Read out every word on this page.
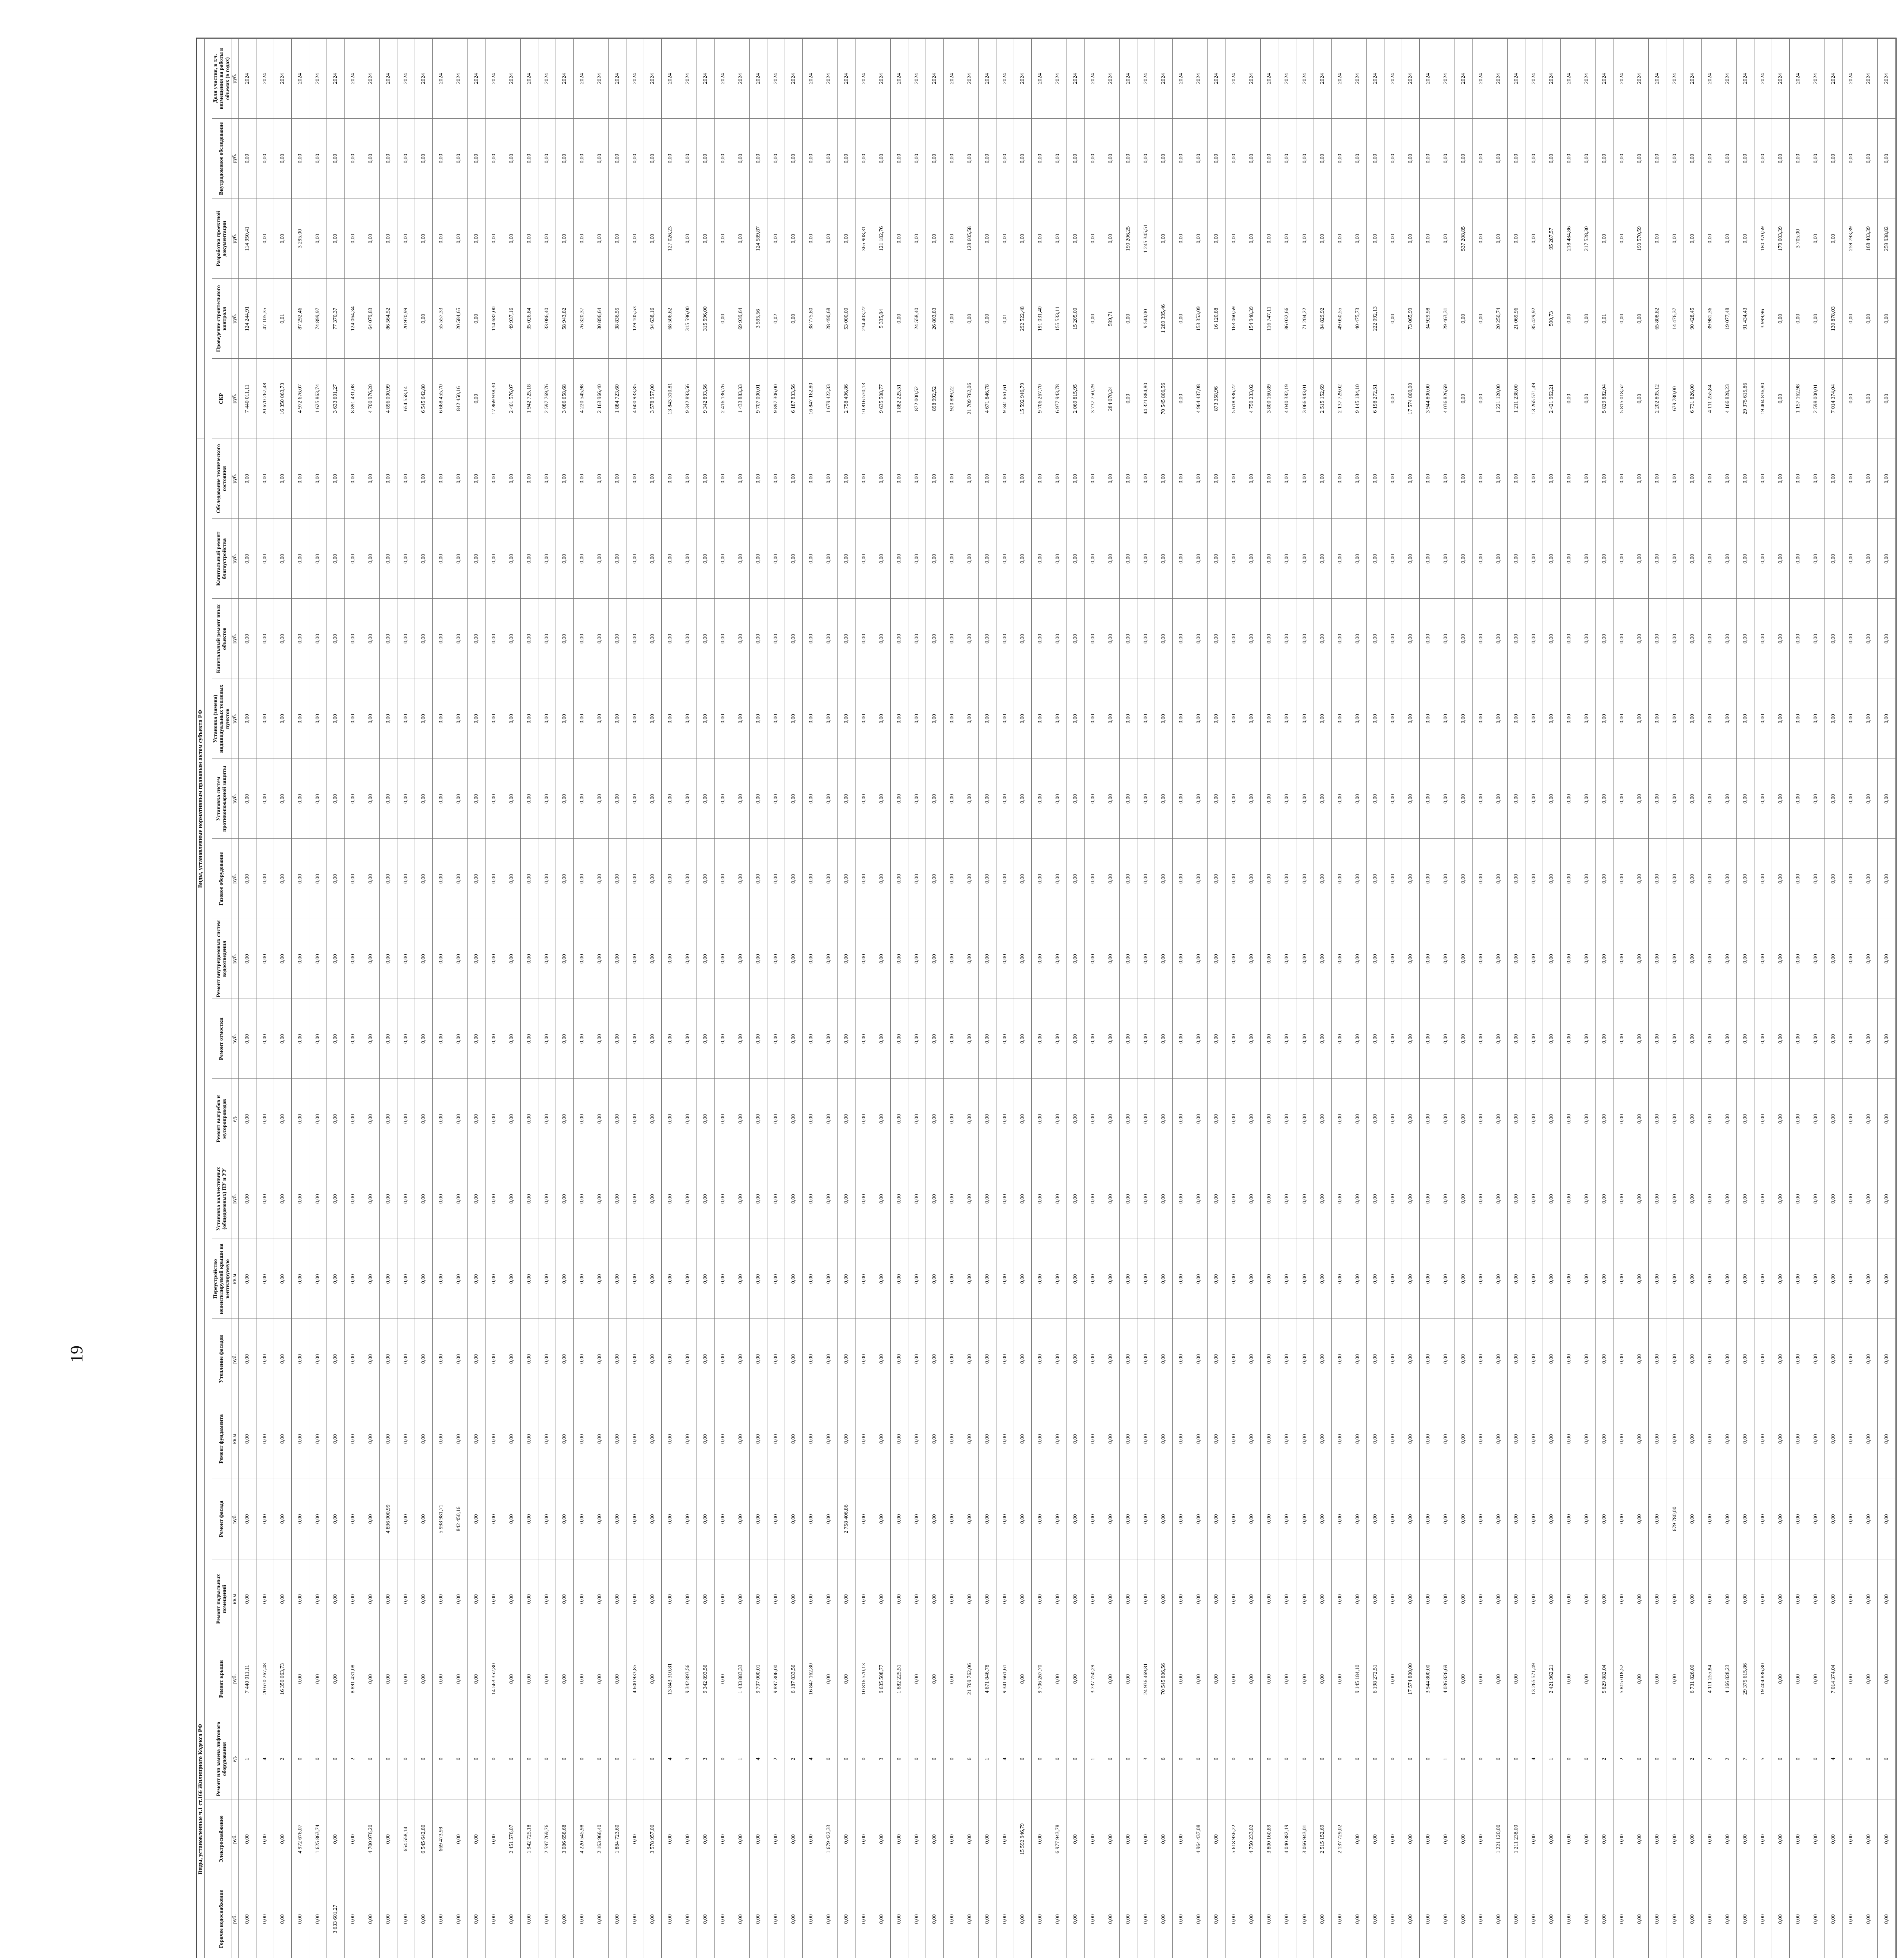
19
		Виды, установленные ч.1 ст.166 Жилищного Кодекса РФ																Виды, установленные нормативным правовым актом субъекта РФ													

								Горячее водоснабжение	Электроснабжение	Ремонт или замена лифтового оборудования	Ремонт крыши	Ремонт подвальных помещений	Ремонт фасада	Ремонт фундамента	Утепление фасадов	Переустройство невентилируемой крыши на вентилируемую	Установка коллективных (общедомовых) ПУ и УУ	Ремонт выгребов и мусоропроводов	Ремонт отмостки	Ремонт внутридомовых систем водоотведения	Газовое оборудование	Установка систем противопожарной защиты	Установка (замена) индивидуальных тепловых пунктов	Капитальный ремонт иных объектов	Капитальный ремонт благоустройства	Обследование технического состояния	СКР	Проведение строительного контроля	Разработка проектной документации	Внутридомовое обследование	Доля участия, в т.ч. возмещения на работы в объемах (в годах)
								руб.	руб.	ед.	руб.	кв.м	руб.	кв.м	руб.	кв.м	руб.	ед.	руб.	руб.	руб.	руб.	руб.	руб.	руб.	руб.	руб.	руб.	руб.	руб.	руб.
								0,00	0,00	1	7 440 011,11	0,00	0,00	0,00	0,00	0,00	0,00	0,00	0,00	0,00	0,00	0,00	0,00	0,00	0,00	0,00	7 440 011,11	124 244,91	114 950,41	0,00	2024
								0,00	0,00	4	20 670 267,48	0,00	0,00	0,00	0,00	0,00	0,00	0,00	0,00	0,00	0,00	0,00	0,00	0,00	0,00	0,00	20 670 267,48	47 105,35	0,00	0,00	2024
								0,00	0,00	2	16 350 063,73	0,00	0,00	0,00	0,00	0,00	0,00	0,00	0,00	0,00	0,00	0,00	0,00	0,00	0,00	0,00	16 350 063,73	0,01	0,00	0,00	2024
								0,00	4 972 676,07	0	0,00	0,00	0,00	0,00	0,00	0,00	0,00	0,00	0,00	0,00	0,00	0,00	0,00	0,00	0,00	0,00	4 972 676,07	87 292,46	3 295,00	0,00	2024
								0,00	1 625 863,74	0	0,00	0,00	0,00	0,00	0,00	0,00	0,00	0,00	0,00	0,00	0,00	0,00	0,00	0,00	0,00	0,00	1 625 863,74	74 899,97	0,00	0,00	2024
								3 633 601,27	0,00	0	0,00	0,00	0,00	0,00	0,00	0,00	0,00	0,00	0,00	0,00	0,00	0,00	0,00	0,00	0,00	0,00	3 633 601,27	77 370,37	0,00	0,00	2024
								0,00	0,00	2	8 891 431,08	0,00	0,00	0,00	0,00	0,00	0,00	0,00	0,00	0,00	0,00	0,00	0,00	0,00	0,00	0,00	8 891 431,08	124 064,34	0,00	0,00	2024
								0,00	4 700 976,20	0	0,00	0,00	0,00	0,00	0,00	0,00	0,00	0,00	0,00	0,00	0,00	0,00	0,00	0,00	0,00	0,00	4 700 976,20	64 079,83	0,00	0,00	2024
								0,00	0,00	0	0,00	0,00	4 896 000,99	0,00	0,00	0,00	0,00	0,00	0,00	0,00	0,00	0,00	0,00	0,00	0,00	0,00	4 896 000,99	86 564,52	0,00	0,00	2024
								0,00	654 558,14	0	0,00	0,00	0,00	0,00	0,00	0,00	0,00	0,00	0,00	0,00	0,00	0,00	0,00	0,00	0,00	0,00	654 558,14	20 970,99	0,00	0,00	2024
								0,00	6 545 642,80	0	0,00	0,00	0,00	0,00	0,00	0,00	0,00	0,00	0,00	0,00	0,00	0,00	0,00	0,00	0,00	0,00	6 545 642,80	0,00	0,00	0,00	2024
								0,00	669 473,99	0	0,00	0,00	5 998 981,71	0,00	0,00	0,00	0,00	0,00	0,00	0,00	0,00	0,00	0,00	0,00	0,00	0,00	6 668 455,70	55 557,33	0,00	0,00	2024
								0,00	0,00	0	0,00	0,00	842 450,16	0,00	0,00	0,00	0,00	0,00	0,00	0,00	0,00	0,00	0,00	0,00	0,00	0,00	842 450,16	20 584,65	0,00	0,00	2024
								0,00	0,00	0	0,00	0,00	0,00	0,00	0,00	0,00	0,00	0,00	0,00	0,00	0,00	0,00	0,00	0,00	0,00	0,00	0,00	0,00	0,00	0,00	2024
								0,00	0,00	0	14 563 352,80	0,00	0,00	0,00	0,00	0,00	0,00	0,00	0,00	0,00	0,00	0,00	0,00	0,00	0,00	0,00	17 869 938,30	114 682,00	0,00	0,00	2024
								0,00	2 451 576,07	0	0,00	0,00	0,00	0,00	0,00	0,00	0,00	0,00	0,00	0,00	0,00	0,00	0,00	0,00	0,00	0,00	2 401 576,07	49 937,16	0,00	0,00	2024
								0,00	1 942 725,18	0	0,00	0,00	0,00	0,00	0,00	0,00	0,00	0,00	0,00	0,00	0,00	0,00	0,00	0,00	0,00	0,00	1 942 725,18	35 026,84	0,00	0,00	2024
								0,00	2 597 769,76	0	0,00	0,00	0,00	0,00	0,00	0,00	0,00	0,00	0,00	0,00	0,00	0,00	0,00	0,00	0,00	0,00	2 597 769,76	33 086,40	0,00	0,00	2024
								0,00	3 086 658,68	0	0,00	0,00	0,00	0,00	0,00	0,00	0,00	0,00	0,00	0,00	0,00	0,00	0,00	0,00	0,00	0,00	3 086 658,68	58 943,82	0,00	0,00	2024
								0,00	4 220 545,98	0	0,00	0,00	0,00	0,00	0,00	0,00	0,00	0,00	0,00	0,00	0,00	0,00	0,00	0,00	0,00	0,00	4 220 545,98	76 320,37	0,00	0,00	2024
								0,00	2 163 966,40	0	0,00	0,00	0,00	0,00	0,00	0,00	0,00	0,00	0,00	0,00	0,00	0,00	0,00	0,00	0,00	0,00	2 163 966,40	30 896,64	0,00	0,00	2024
								0,00	1 884 723,60	0	0,00	0,00	0,00	0,00	0,00	0,00	0,00	0,00	0,00	0,00	0,00	0,00	0,00	0,00	0,00	0,00	1 884 723,60	38 836,55	0,00	0,00	2024
								0,00	0,00	1	4 600 933,85	0,00	0,00	0,00	0,00	0,00	0,00	0,00	0,00	0,00	0,00	0,00	0,00	0,00	0,00	0,00	4 600 933,85	129 105,53	0,00	0,00	2024
								0,00	3 578 957,00	0	0,00	0,00	0,00	0,00	0,00	0,00	0,00	0,00	0,00	0,00	0,00	0,00	0,00	0,00	0,00	0,00	3 578 957,00	94 638,16	0,00	0,00	2024
								0,00	0,00	4	13 843 310,81	0,00	0,00	0,00	0,00	0,00	0,00	0,00	0,00	0,00	0,00	0,00	0,00	0,00	0,00	0,00	13 843 310,81	68 506,62	127 026,23	0,00	2024
								0,00	0,00	3	9 342 893,56	0,00	0,00	0,00	0,00	0,00	0,00	0,00	0,00	0,00	0,00	0,00	0,00	0,00	0,00	0,00	9 342 893,56	315 596,00	0,00	0,00	2024
								0,00	0,00	3	9 342 893,56	0,00	0,00	0,00	0,00	0,00	0,00	0,00	0,00	0,00	0,00	0,00	0,00	0,00	0,00	0,00	9 342 893,56	315 596,00	0,00	0,00	2024
								0,00	0,00	0	0,00	0,00	0,00	0,00	0,00	0,00	0,00	0,00	0,00	0,00	0,00	0,00	0,00	0,00	0,00	0,00	2 416 136,76	0,00	0,00	0,00	2024
								0,00	0,00	1	1 433 883,33	0,00	0,00	0,00	0,00	0,00	0,00	0,00	0,00	0,00	0,00	0,00	0,00	0,00	0,00	0,00	1 433 883,33	69 939,64	0,00	0,00	2024
								0,00	0,00	4	9 707 000,01	0,00	0,00	0,00	0,00	0,00	0,00	0,00	0,00	0,00	0,00	0,00	0,00	0,00	0,00	0,00	9 707 000,01	3 595,56	124 589,87	0,00	2024
								0,00	0,00	2	9 897 306,00	0,00	0,00	0,00	0,00	0,00	0,00	0,00	0,00	0,00	0,00	0,00	0,00	0,00	0,00	0,00	9 897 306,00	0,02	0,00	0,00	2024
								0,00	0,00	2	6 187 833,56	0,00	0,00	0,00	0,00	0,00	0,00	0,00	0,00	0,00	0,00	0,00	0,00	0,00	0,00	0,00	6 187 833,56	0,00	0,00	0,00	2024
								0,00	0,00	4	16 847 162,80	0,00	0,00	0,00	0,00	0,00	0,00	0,00	0,00	0,00	0,00	0,00	0,00	0,00	0,00	0,00	16 847 162,80	38 775,80	0,00	0,00	2024
								0,00	1 679 422,33	0	0,00	0,00	0,00	0,00	0,00	0,00	0,00	0,00	0,00	0,00	0,00	0,00	0,00	0,00	0,00	0,00	1 679 422,33	28 490,68	0,00	0,00	2024
								0,00	0,00	0	0,00	0,00	2 758 406,86	0,00	0,00	0,00	0,00	0,00	0,00	0,00	0,00	0,00	0,00	0,00	0,00	0,00	2 758 406,86	53 000,00	0,00	0,00	2024
								0,00	0,00	0	10 816 570,13	0,00	0,00	0,00	0,00	0,00	0,00	0,00	0,00	0,00	0,00	0,00	0,00	0,00	0,00	0,00	10 816 570,13	234 403,22	365 908,31	0,00	2024
								0,00	0,00	3	9 635 508,77	0,00	0,00	0,00	0,00	0,00	0,00	0,00	0,00	0,00	0,00	0,00	0,00	0,00	0,00	0,00	9 635 508,77	5 335,84	121 182,76	0,00	2024
								0,00	0,00	0	1 882 225,51	0,00	0,00	0,00	0,00	0,00	0,00	0,00	0,00	0,00	0,00	0,00	0,00	0,00	0,00	0,00	1 882 225,51	0,00	0,00	0,00	2024
								0,00	0,00	0	0,00	0,00	0,00	0,00	0,00	0,00	0,00	0,00	0,00	0,00	0,00	0,00	0,00	0,00	0,00	0,00	872 000,52	24 558,40	0,00	0,00	2024
								0,00	0,00	0	0,00	0,00	0,00	0,00	0,00	0,00	0,00	0,00	0,00	0,00	0,00	0,00	0,00	0,00	0,00	0,00	898 992,52	26 803,83	0,00	0,00	2024
								0,00	0,00	0	0,00	0,00	0,00	0,00	0,00	0,00	0,00	0,00	0,00	0,00	0,00	0,00	0,00	0,00	0,00	0,00	920 899,22	0,00	0,00	0,00	2024
								0,00	0,00	6	21 709 762,06	0,00	0,00	0,00	0,00	0,00	0,00	0,00	0,00	0,00	0,00	0,00	0,00	0,00	0,00	0,00	21 709 762,06	0,00	128 605,58	0,00	2024
								0,00	0,00	1	4 671 846,78	0,00	0,00	0,00	0,00	0,00	0,00	0,00	0,00	0,00	0,00	0,00	0,00	0,00	0,00	0,00	4 671 846,78	0,00	0,00	0,00	2024
								0,00	0,00	4	9 341 661,61	0,00	0,00	0,00	0,00	0,00	0,00	0,00	0,00	0,00	0,00	0,00	0,00	0,00	0,00	0,00	9 341 661,61	0,01	0,00	0,00	2024
								0,00	15 592 946,79	0	0,00	0,00	0,00	0,00	0,00	0,00	0,00	0,00	0,00	0,00	0,00	0,00	0,00	0,00	0,00	0,00	15 592 946,79	292 522,48	0,00	0,00	2024
								0,00	0,00	0	9 706 267,70	0,00	0,00	0,00	0,00	0,00	0,00	0,00	0,00	0,00	0,00	0,00	0,00	0,00	0,00	0,00	9 706 267,70	191 031,40	0,00	0,00	2024
								0,00	6 977 943,78	0	0,00	0,00	0,00	0,00	0,00	0,00	0,00	0,00	0,00	0,00	0,00	0,00	0,00	0,00	0,00	0,00	6 977 943,78	155 533,11	0,00	0,00	2024
								0,00	0,00	0	0,00	0,00	0,00	0,00	0,00	0,00	0,00	0,00	0,00	0,00	0,00	0,00	0,00	0,00	0,00	0,00	2 069 815,95	15 205,00	0,00	0,00	2024
								0,00	0,00	1	3 737 750,29	0,00	0,00	0,00	0,00	0,00	0,00	0,00	0,00	0,00	0,00	0,00	0,00	0,00	0,00	0,00	3 737 750,29	0,00	0,00	0,00	2024
								0,00	0,00	0	0,00	0,00	0,00	0,00	0,00	0,00	0,00	0,00	0,00	0,00	0,00	0,00	0,00	0,00	0,00	0,00	284 070,24	599,71	0,00	0,00	2024
								0,00	0,00	0	0,00	0,00	0,00	0,00	0,00	0,00	0,00	0,00	0,00	0,00	0,00	0,00	0,00	0,00	0,00	0,00	0,00	0,00	190 206,25	0,00	2024
								0,00	0,00	3	24 936 469,81	0,00	0,00	0,00	0,00	0,00	0,00	0,00	0,00	0,00	0,00	0,00	0,00	0,00	0,00	0,00	44 321 884,80	9 540,00	1 245 345,51	0,00	2024
								0,00	0,00	6	70 545 806,56	0,00	0,00	0,00	0,00	0,00	0,00	0,00	0,00	0,00	0,00	0,00	0,00	0,00	0,00	0,00	70 545 806,56	1 289 395,46	0,00	0,00	2024
								0,00	0,00	0	0,00	0,00	0,00	0,00	0,00	0,00	0,00	0,00	0,00	0,00	0,00	0,00	0,00	0,00	0,00	0,00	0,00	0,00	0,00	0,00	2024
								0,00	4 964 437,08	0	0,00	0,00	0,00	0,00	0,00	0,00	0,00	0,00	0,00	0,00	0,00	0,00	0,00	0,00	0,00	0,00	4 964 437,08	153 353,09	0,00	0,00	2024
								0,00	0,00	0	0,00	0,00	0,00	0,00	0,00	0,00	0,00	0,00	0,00	0,00	0,00	0,00	0,00	0,00	0,00	0,00	873 358,96	16 120,88	0,00	0,00	2024
								0,00	5 618 936,22	0	0,00	0,00	0,00	0,00	0,00	0,00	0,00	0,00	0,00	0,00	0,00	0,00	0,00	0,00	0,00	0,00	5 618 936,22	163 060,59	0,00	0,00	2024
								0,00	4 750 233,02	0	0,00	0,00	0,00	0,00	0,00	0,00	0,00	0,00	0,00	0,00	0,00	0,00	0,00	0,00	0,00	0,00	4 750 233,02	154 948,39	0,00	0,00	2024
								0,00	3 800 160,89	0	0,00	0,00	0,00	0,00	0,00	0,00	0,00	0,00	0,00	0,00	0,00	0,00	0,00	0,00	0,00	0,00	3 800 160,89	116 747,11	0,00	0,00	2024
								0,00	4 040 382,19	0	0,00	0,00	0,00	0,00	0,00	0,00	0,00	0,00	0,00	0,00	0,00	0,00	0,00	0,00	0,00	0,00	4 040 382,19	86 032,66	0,00	0,00	2024
								0,00	3 066 943,01	0	0,00	0,00	0,00	0,00	0,00	0,00	0,00	0,00	0,00	0,00	0,00	0,00	0,00	0,00	0,00	0,00	3 066 943,01	71 204,22	0,00	0,00	2024
								0,00	2 515 152,69	0	0,00	0,00	0,00	0,00	0,00	0,00	0,00	0,00	0,00	0,00	0,00	0,00	0,00	0,00	0,00	0,00	2 515 152,69	84 829,92	0,00	0,00	2024
								0,00	2 137 729,02	0	0,00	0,00	0,00	0,00	0,00	0,00	0,00	0,00	0,00	0,00	0,00	0,00	0,00	0,00	0,00	0,00	2 137 729,02	49 050,55	0,00	0,00	2024
								0,00	0,00	0	9 145 184,10	0,00	0,00	0,00	0,00	0,00	0,00	0,00	0,00	0,00	0,00	0,00	0,00	0,00	0,00	0,00	9 145 184,10	40 475,73	0,00	0,00	2024
								0,00	0,00	0	6 198 272,51	0,00	0,00	0,00	0,00	0,00	0,00	0,00	0,00	0,00	0,00	0,00	0,00	0,00	0,00	0,00	6 198 272,51	222 092,13	0,00	0,00	2024
								0,00	0,00	0	0,00	0,00	0,00	0,00	0,00	0,00	0,00	0,00	0,00	0,00	0,00	0,00	0,00	0,00	0,00	0,00	0,00	0,00	0,00	0,00	2024
								0,00	0,00	0	17 574 800,00	0,00	0,00	0,00	0,00	0,00	0,00	0,00	0,00	0,00	0,00	0,00	0,00	0,00	0,00	0,00	17 574 800,00	73 065,99	0,00	0,00	2024
								0,00	0,00	0	3 944 800,00	0,00	0,00	0,00	0,00	0,00	0,00	0,00	0,00	0,00	0,00	0,00	0,00	0,00	0,00	0,00	3 944 800,00	34 929,98	0,00	0,00	2024
								0,00	0,00	1	4 036 826,69	0,00	0,00	0,00	0,00	0,00	0,00	0,00	0,00	0,00	0,00	0,00	0,00	0,00	0,00	0,00	4 036 826,69	29 463,31	0,00	0,00	2024
								0,00	0,00	0	0,00	0,00	0,00	0,00	0,00	0,00	0,00	0,00	0,00	0,00	0,00	0,00	0,00	0,00	0,00	0,00	0,00	0,00	537 208,85	0,00	2024
								0,00	0,00	0	0,00	0,00	0,00	0,00	0,00	0,00	0,00	0,00	0,00	0,00	0,00	0,00	0,00	0,00	0,00	0,00	0,00	0,00	0,00	0,00	2024
								0,00	1 221 120,00	0	0,00	0,00	0,00	0,00	0,00	0,00	0,00	0,00	0,00	0,00	0,00	0,00	0,00	0,00	0,00	0,00	1 221 120,00	20 250,74	0,00	0,00	2024
								0,00	1 211 238,00	0	0,00	0,00	0,00	0,00	0,00	0,00	0,00	0,00	0,00	0,00	0,00	0,00	0,00	0,00	0,00	0,00	1 211 238,00	21 069,96	0,00	0,00	2024
								0,00	0,00	4	13 265 571,49	0,00	0,00	0,00	0,00	0,00	0,00	0,00	0,00	0,00	0,00	0,00	0,00	0,00	0,00	0,00	13 265 571,49	85 429,92	0,00	0,00	2024
								0,00	0,00	1	2 421 962,21	0,00	0,00	0,00	0,00	0,00	0,00	0,00	0,00	0,00	0,00	0,00	0,00	0,00	0,00	0,00	2 421 962,21	590,73	95 287,57	0,00	2024
								0,00	0,00	0	0,00	0,00	0,00	0,00	0,00	0,00	0,00	0,00	0,00	0,00	0,00	0,00	0,00	0,00	0,00	0,00	0,00	0,00	218 484,86	0,00	2024
								0,00	0,00	0	0,00	0,00	0,00	0,00	0,00	0,00	0,00	0,00	0,00	0,00	0,00	0,00	0,00	0,00	0,00	0,00	0,00	0,00	217 528,30	0,00	2024
								0,00	0,00	2	5 829 882,04	0,00	0,00	0,00	0,00	0,00	0,00	0,00	0,00	0,00	0,00	0,00	0,00	0,00	0,00	0,00	5 829 882,04	0,01	0,00	0,00	2024
								0,00	0,00	2	5 815 018,52	0,00	0,00	0,00	0,00	0,00	0,00	0,00	0,00	0,00	0,00	0,00	0,00	0,00	0,00	0,00	5 815 018,52	0,00	0,00	0,00	2024
								0,00	0,00	0	0,00	0,00	0,00	0,00	0,00	0,00	0,00	0,00	0,00	0,00	0,00	0,00	0,00	0,00	0,00	0,00	0,00	0,00	190 570,59	0,00	2024
								0,00	0,00	0	0,00	0,00	0,00	0,00	0,00	0,00	0,00	0,00	0,00	0,00	0,00	0,00	0,00	0,00	0,00	0,00	2 202 805,12	65 808,82	0,00	0,00	2024
								0,00	0,00	0	0,00	0,00	679 780,00	0,00	0,00	0,00	0,00	0,00	0,00	0,00	0,00	0,00	0,00	0,00	0,00	0,00	679 780,00	14 476,37	0,00	0,00	2024
								0,00	0,00	2	6 731 826,00	0,00	0,00	0,00	0,00	0,00	0,00	0,00	0,00	0,00	0,00	0,00	0,00	0,00	0,00	0,00	6 731 826,00	90 428,45	0,00	0,00	2024
								0,00	0,00	2	4 111 255,84	0,00	0,00	0,00	0,00	0,00	0,00	0,00	0,00	0,00	0,00	0,00	0,00	0,00	0,00	0,00	4 111 255,84	39 981,36	0,00	0,00	2024
								0,00	0,00	2	4 166 828,23	0,00	0,00	0,00	0,00	0,00	0,00	0,00	0,00	0,00	0,00	0,00	0,00	0,00	0,00	0,00	4 166 828,23	19 077,48	0,00	0,00	2024
								0,00	0,00	7	29 375 615,86	0,00	0,00	0,00	0,00	0,00	0,00	0,00	0,00	0,00	0,00	0,00	0,00	0,00	0,00	0,00	29 375 615,86	91 434,43	0,00	0,00	2024
								0,00	0,00	5	19 404 836,80	0,00	0,00	0,00	0,00	0,00	0,00	0,00	0,00	0,00	0,00	0,00	0,00	0,00	0,00	0,00	19 404 836,80	3 999,96	180 370,59	0,00	2024
								0,00	0,00	0	0,00	0,00	0,00	0,00	0,00	0,00	0,00	0,00	0,00	0,00	0,00	0,00	0,00	0,00	0,00	0,00	0,00	0,00	179 003,39	0,00	2024
								0,00	0,00	0	0,00	0,00	0,00	0,00	0,00	0,00	0,00	0,00	0,00	0,00	0,00	0,00	0,00	0,00	0,00	0,00	1 157 162,98	0,00	3 705,00	0,00	2024
								0,00	0,00	0	0,00	0,00	0,00	0,00	0,00	0,00	0,00	0,00	0,00	0,00	0,00	0,00	0,00	0,00	0,00	0,00	2 598 000,01	0,00	0,00	0,00	2024
								0,00	0,00	4	7 014 374,04	0,00	0,00	0,00	0,00	0,00	0,00	0,00	0,00	0,00	0,00	0,00	0,00	0,00	0,00	0,00	7 014 374,04	130 878,03	0,00	0,00	2024
								0,00	0,00	0	0,00	0,00	0,00	0,00	0,00	0,00	0,00	0,00	0,00	0,00	0,00	0,00	0,00	0,00	0,00	0,00	0,00	0,00	259 793,39	0,00	2024
								0,00	0,00	0	0,00	0,00	0,00	0,00	0,00	0,00	0,00	0,00	0,00	0,00	0,00	0,00	0,00	0,00	0,00	0,00	0,00	0,00	168 403,39	0,00	2024
								0,00	0,00	0	0,00	0,00	0,00	0,00	0,00	0,00	0,00	0,00	0,00	0,00	0,00	0,00	0,00	0,00	0,00	0,00	0,00	0,00	259 938,82	0,00	2024
